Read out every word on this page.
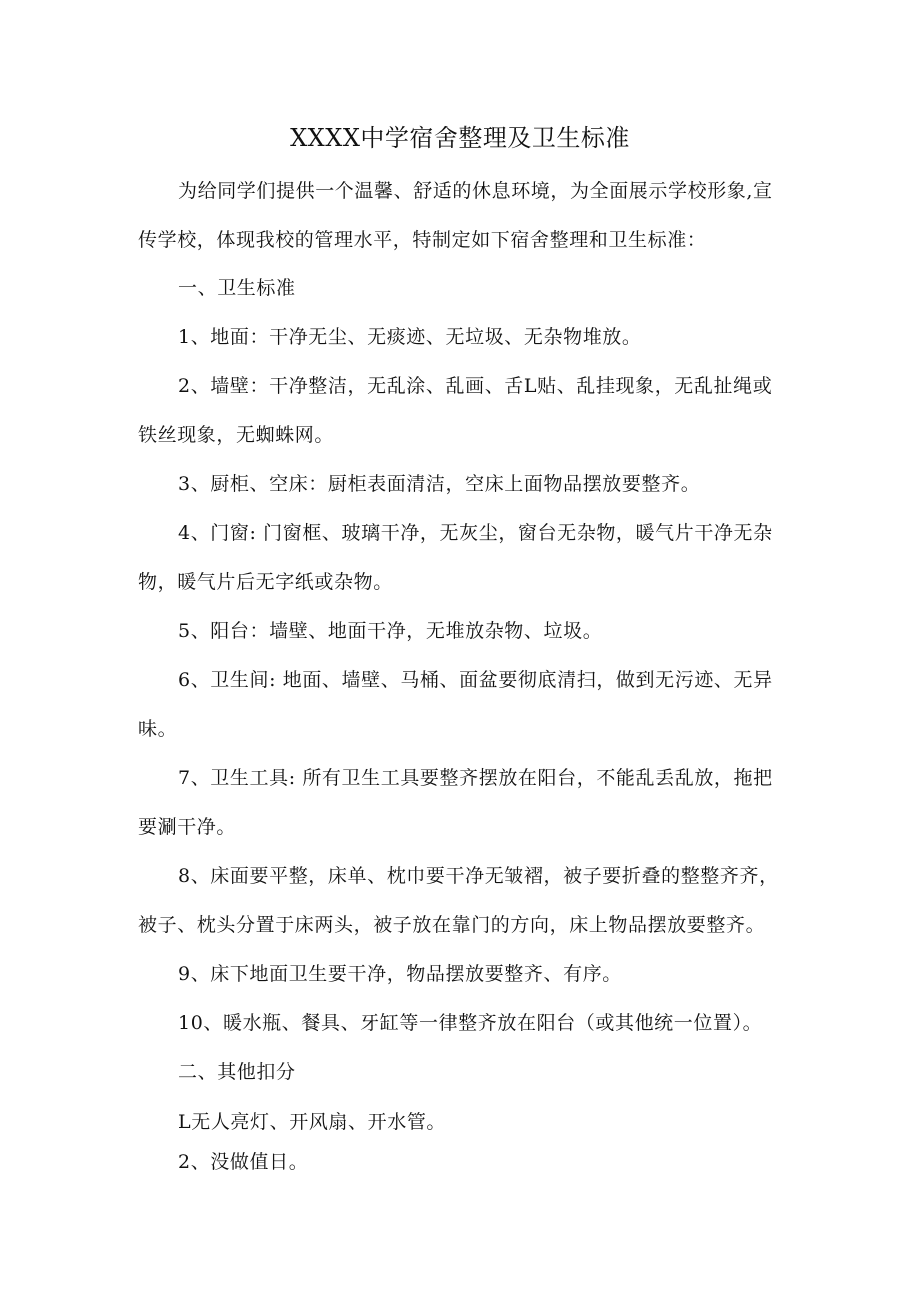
XXXX中学宿舍整理及卫生标准
为给同学们提供一个温馨、舒适的休息环境，为全面展示学校形象,宣
传学校，体现我校的管理水平，特制定如下宿舍整理和卫生标准：
一、卫生标准
1、地面：干净无尘、无痰迹、无垃圾、无杂物堆放。
2、墙壁：干净整洁，无乱涂、乱画、舌L贴、乱挂现象，无乱扯绳或
铁丝现象，无蜘蛛网。
3、厨柜、空床：厨柜表面清洁，空床上面物品摆放要整齐。
4、门窗: 门窗框、玻璃干净，无灰尘，窗台无杂物，暖气片干净无杂
物，暖气片后无字纸或杂物。
5、阳台：墙壁、地面干净，无堆放杂物、垃圾。
6、卫生间: 地面、墙壁、马桶、面盆要彻底清扫，做到无污迹、无异
味。
7、卫生工具: 所有卫生工具要整齐摆放在阳台，不能乱丢乱放，拖把
要涮干净。
8、床面要平整，床单、枕巾要干净无皱褶，被子要折叠的整整齐齐，
被子、枕头分置于床两头，被子放在靠门的方向，床上物品摆放要整齐。
9、床下地面卫生要干净，物品摆放要整齐、有序。
10、暖水瓶、餐具、牙缸等一律整齐放在阳台（或其他统一位置）。
二、其他扣分
L无人亮灯、开风扇、开水管。
2、没做值日。
